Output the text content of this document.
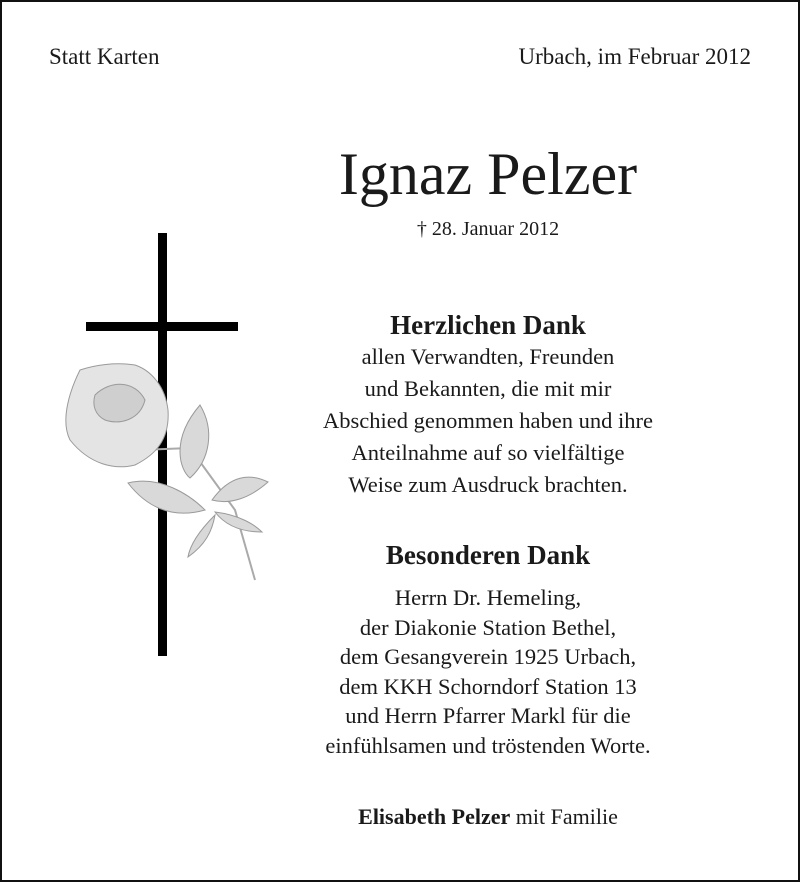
Statt Karten	Urbach, im Februar 2012
Ignaz Pelzer
† 28. Januar 2012
Herzlichen Dank
allen Verwandten, Freunden
und Bekannten, die mit mir
Abschied genommen haben und ihre
Anteilnahme auf so vielfältige
Weise zum Ausdruck brachten.
Besonderen Dank
Herrn Dr. Hemeling,
der Diakonie Station Bethel,
dem Gesangverein 1925 Urbach,
dem KKH Schorndorf Station 13
und Herrn Pfarrer Markl für die
einfühlsamen und tröstenden Worte.
Elisabeth Pelzer mit Familie
